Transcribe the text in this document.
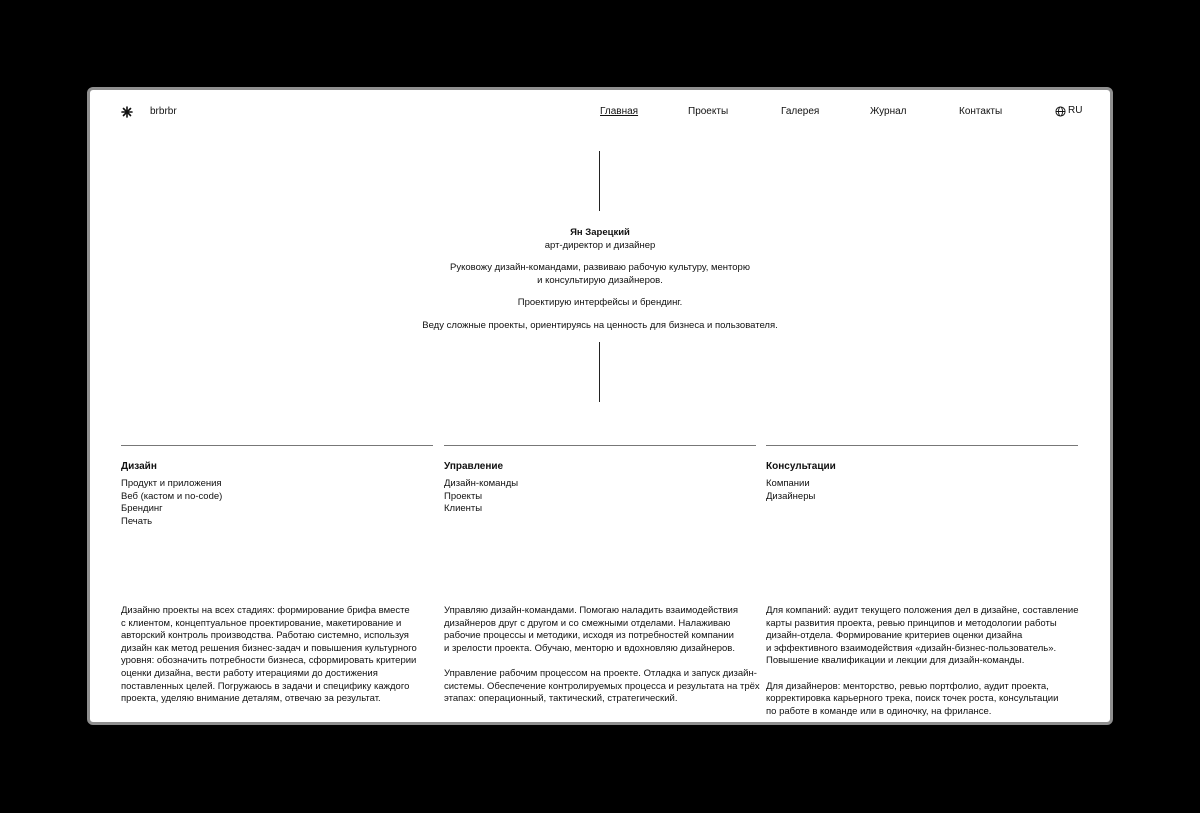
brbrbr	Главная	Проекты	Галерея	Журнал	Контакты	RU
Ян Зарецкий
арт-директор и дизайнер
Руковожу дизайн-командами, развиваю рабочую культуру, менторю
и консультирую дизайнеров.
Проектирую интерфейсы и брендинг.
Веду сложные проекты, ориентируясь на ценность для бизнеса и пользователя.
Дизайн
Продукт и приложения
Веб (кастом и no-code)
Брендинг
Печать

Дизайню проекты на всех стадиях: формирование брифа вместе
с клиентом, концептуальное проектирование, макетирование и
авторский контроль производства. Работаю системно, используя
дизайн как метод решения бизнес-задач и повышения культурного
уровня: обозначить потребности бизнеса, сформировать критерии
оценки дизайна, вести работу итерациями до достижения
поставленных целей. Погружаюсь в задачи и специфику каждого
проекта, уделяю внимание деталям, отвечаю за результат.

Управление
Дизайн-команды
Проекты
Клиенты

Управляю дизайн-командами. Помогаю наладить взаимодействия
дизайнеров друг с другом и со смежными отделами. Налаживаю
рабочие процессы и методики, исходя из потребностей компании
и зрелости проекта. Обучаю, менторю и вдохновляю дизайнеров.

Управление рабочим процессом на проекте. Отладка и запуск дизайн-
системы. Обеспечение контролируемых процесса и результата на трёх
этапах: операционный, тактический, стратегический.

Консультации
Компании
Дизайнеры

Для компаний: аудит текущего положения дел в дизайне, составление
карты развития проекта, ревью принципов и методологии работы
дизайн-отдела. Формирование критериев оценки дизайна
и эффективного взаимодействия «дизайн-бизнес-пользователь».
Повышение квалификации и лекции для дизайн-команды.

Для дизайнеров: менторство, ревью портфолио, аудит проекта,
корректировка карьерного трека, поиск точек роста, консультации
по работе в команде или в одиночку, на фрилансе.
